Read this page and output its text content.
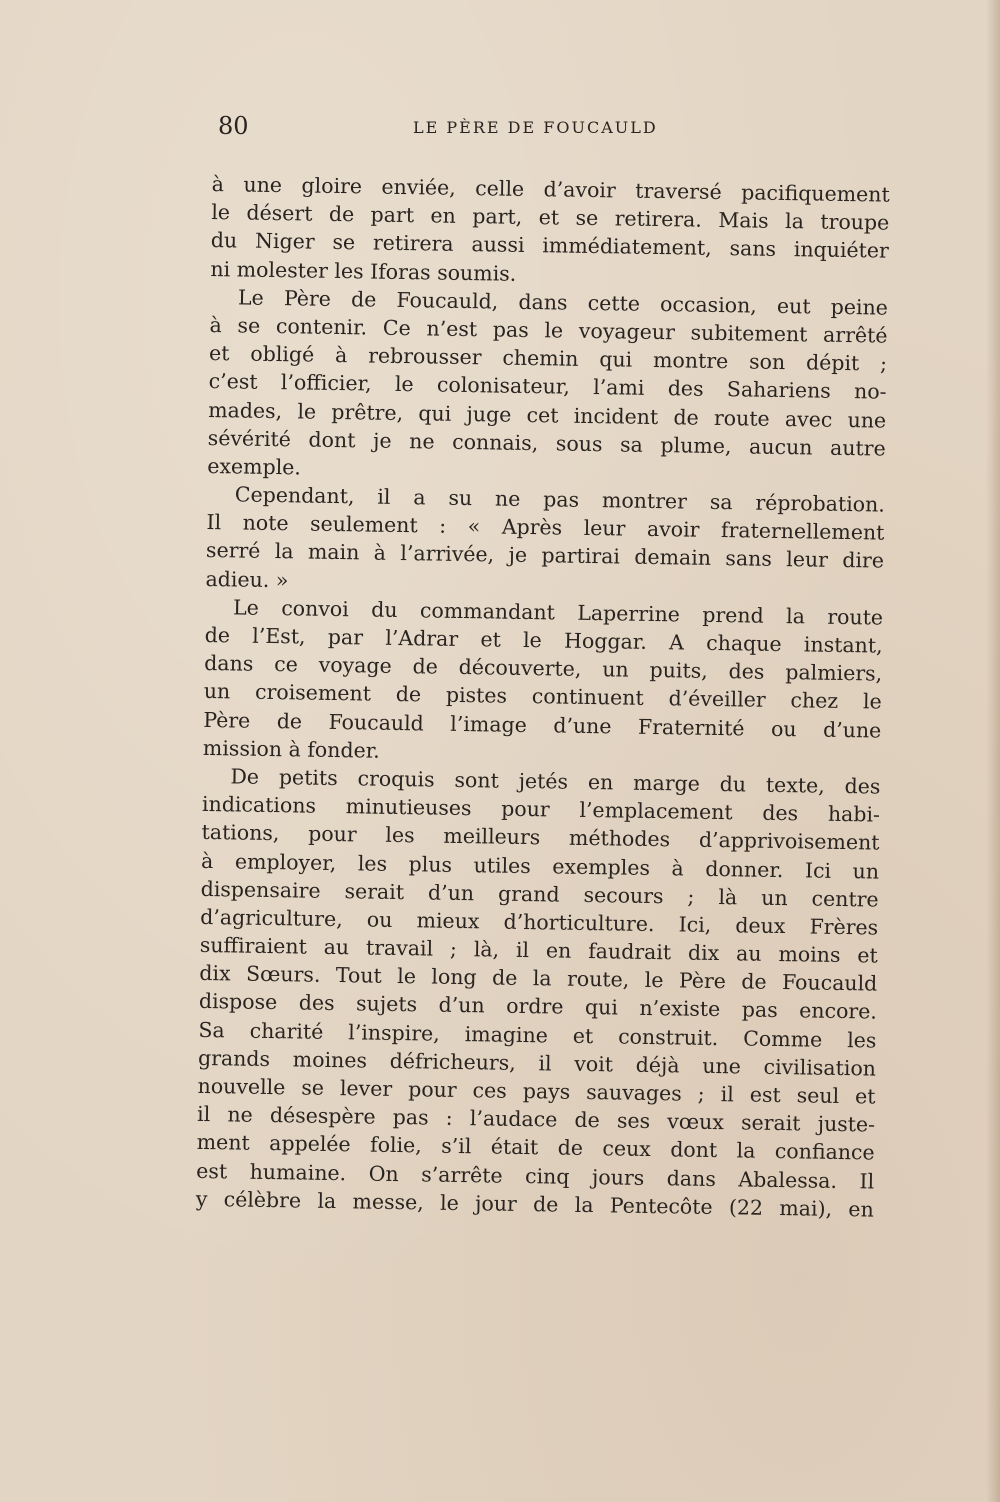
80	LE PÈRE DE FOUCAULD
à une gloire enviée, celle d’avoir traversé pacifiquement
le désert de part en part, et se retirera. Mais la troupe
du Niger se retirera aussi immédiatement, sans inquiéter
ni molester les Iforas soumis.
Le Père de Foucauld, dans cette occasion, eut peine
à se contenir. Ce n’est pas le voyageur subitement arrêté
et obligé à rebrousser chemin qui montre son dépit ;
c’est l’officier, le colonisateur, l’ami des Sahariens no-
mades, le prêtre, qui juge cet incident de route avec une
sévérité dont je ne connais, sous sa plume, aucun autre
exemple.
Cependant, il a su ne pas montrer sa réprobation.
Il note seulement : « Après leur avoir fraternellement
serré la main à l’arrivée, je partirai demain sans leur dire
adieu. »
Le convoi du commandant Laperrine prend la route
de l’Est, par l’Adrar et le Hoggar. A chaque instant,
dans ce voyage de découverte, un puits, des palmiers,
un croisement de pistes continuent d’éveiller chez le
Père de Foucauld l’image d’une Fraternité ou d’une
mission à fonder.
De petits croquis sont jetés en marge du texte, des
indications minutieuses pour l’emplacement des habi-
tations, pour les meilleurs méthodes d’apprivoisement
à employer, les plus utiles exemples à donner. Ici un
dispensaire serait d’un grand secours ; là un centre
d’agriculture, ou mieux d’horticulture. Ici, deux Frères
suffiraient au travail ; là, il en faudrait dix au moins et
dix Sœurs. Tout le long de la route, le Père de Foucauld
dispose des sujets d’un ordre qui n’existe pas encore.
Sa charité l’inspire, imagine et construit. Comme les
grands moines défricheurs, il voit déjà une civilisation
nouvelle se lever pour ces pays sauvages ; il est seul et
il ne désespère pas : l’audace de ses vœux serait juste-
ment appelée folie, s’il était de ceux dont la confiance
est humaine. On s’arrête cinq jours dans Abalessa. Il
y célèbre la messe, le jour de la Pentecôte (22 mai), en
